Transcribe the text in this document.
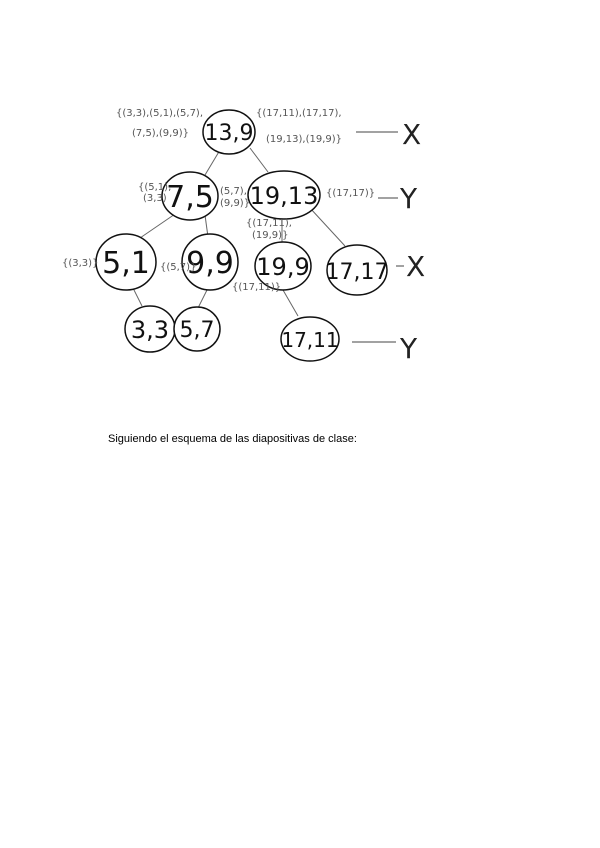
13,9
7,5 19,13
5,1 9,9 19,9 17,17
3,3 5,7	17,11
{(3,3),(5,1),(5,7),
(7,5),(9,9)}
{(17,11),(17,17),
(19,13),(19,9)}
{(5,1),
(3,3)
(5,7),
(9,9)}
{(17,17)}
{(17,11),
(19,9)}
{(3,3)}	{(5,7)}
{(17,11)}
X
Y
X
Y
Siguiendo el esquema de las diapositivas de clase:
